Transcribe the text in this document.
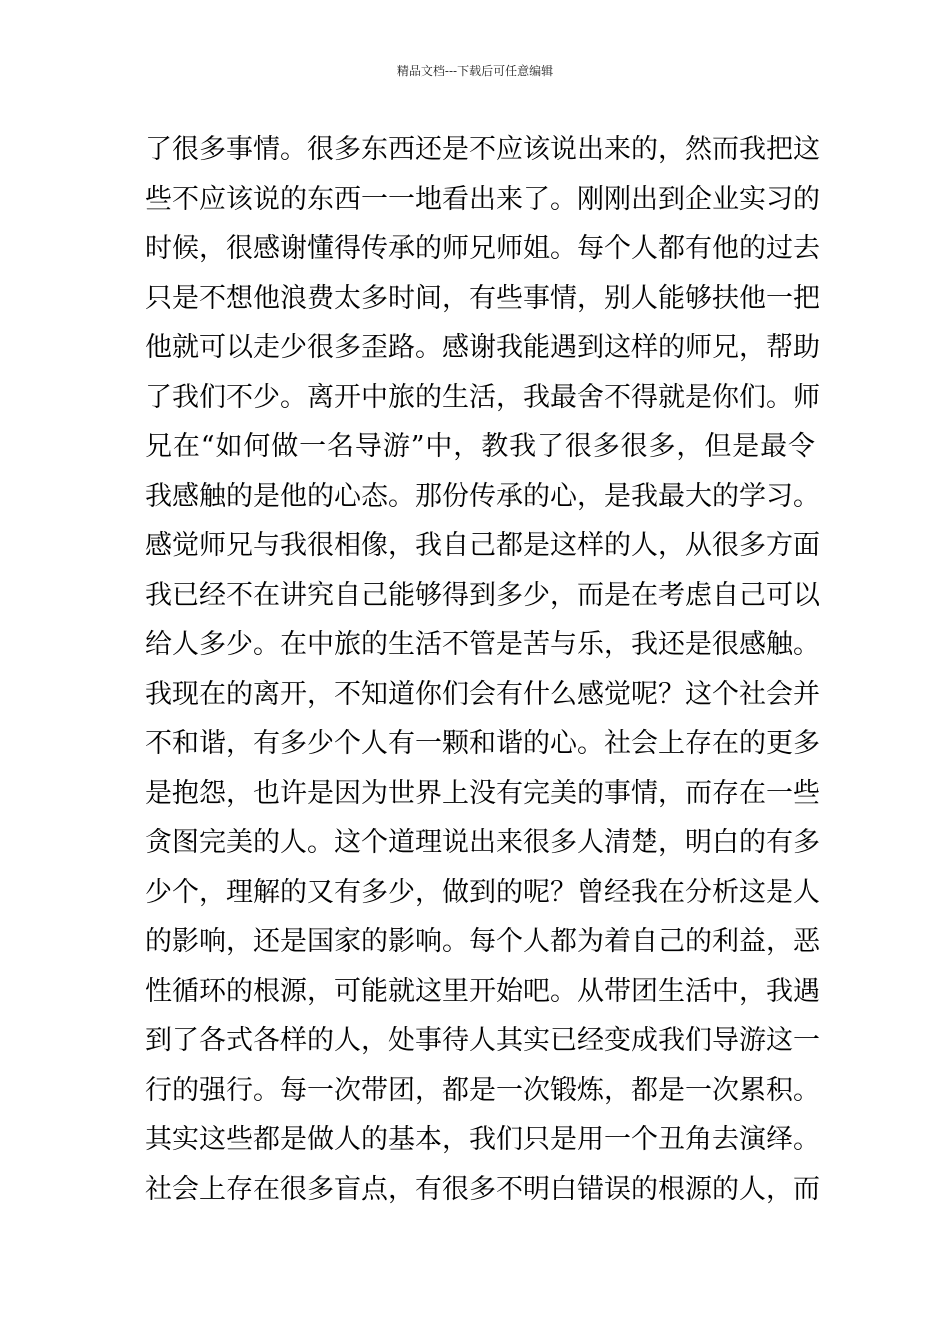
精品文档---下载后可任意编辑
了很多事情。很多东西还是不应该说出来的，然而我把这
些不应该说的东西一一地看出来了。刚刚出到企业实习的
时候，很感谢懂得传承的师兄师姐。每个人都有他的过去
只是不想他浪费太多时间，有些事情，别人能够扶他一把
他就可以走少很多歪路。感谢我能遇到这样的师兄，帮助
了我们不少。离开中旅的生活，我最舍不得就是你们。师
兄在“如何做一名导游”中，教我了很多很多，但是最令
我感触的是他的心态。那份传承的心，是我最大的学习。
感觉师兄与我很相像，我自己都是这样的人，从很多方面
我已经不在讲究自己能够得到多少，而是在考虑自己可以
给人多少。在中旅的生活不管是苦与乐，我还是很感触。
我现在的离开，不知道你们会有什么感觉呢？这个社会并
不和谐，有多少个人有一颗和谐的心。社会上存在的更多
是抱怨，也许是因为世界上没有完美的事情，而存在一些
贪图完美的人。这个道理说出来很多人清楚，明白的有多
少个，理解的又有多少，做到的呢？曾经我在分析这是人
的影响，还是国家的影响。每个人都为着自己的利益，恶
性循环的根源，可能就这里开始吧。从带团生活中，我遇
到了各式各样的人，处事待人其实已经变成我们导游这一
行的强行。每一次带团，都是一次锻炼，都是一次累积。
其实这些都是做人的基本，我们只是用一个丑角去演绎。
社会上存在很多盲点，有很多不明白错误的根源的人，而
